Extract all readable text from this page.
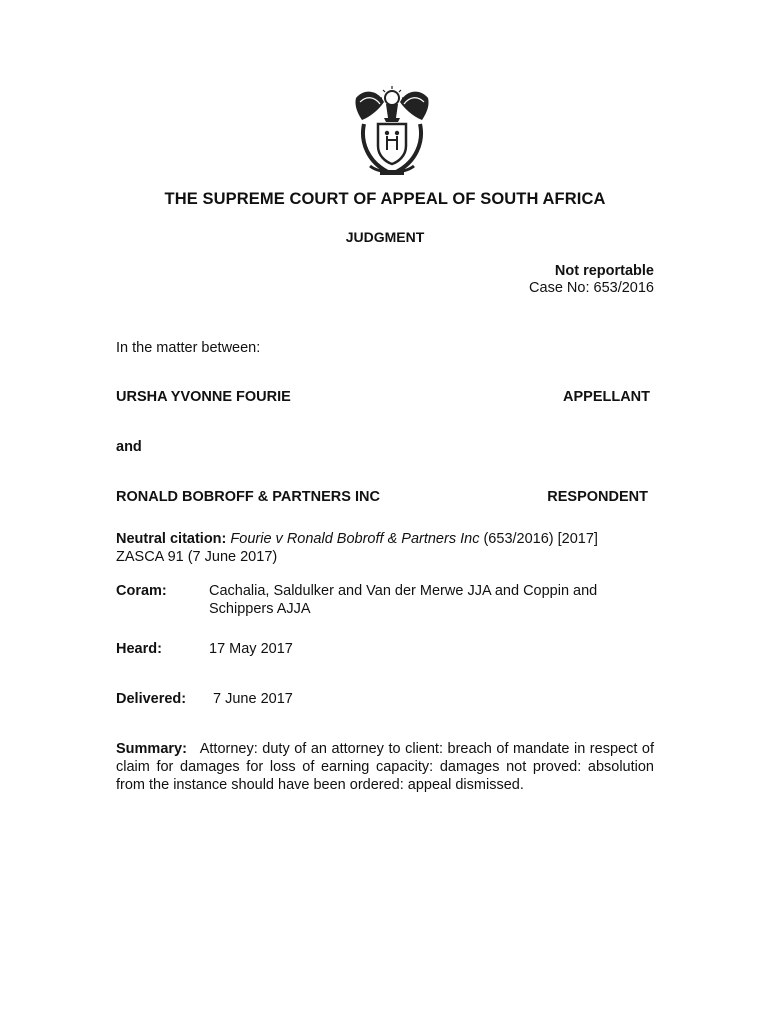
THE SUPREME COURT OF APPEAL OF SOUTH AFRICA
JUDGMENT
Not reportable
Case No: 653/2016
In the matter between:
URSHA YVONNE FOURIE	APPELLANT
and
RONALD BOBROFF & PARTNERS INC	RESPONDENT
Neutral citation: Fourie v Ronald Bobroff & Partners Inc (653/2016) [2017]
ZASCA 91 (7 June 2017)
Coram:	Cachalia, Saldulker and Van der Merwe JJA and Coppin and
Schippers AJJA
Heard:	17 May 2017
Delivered: 7 June 2017
Summary: Attorney: duty of an attorney to client: breach of mandate in respect of claim for damages for loss of earning capacity: damages not proved: absolution from the instance should have been ordered: appeal dismissed.
